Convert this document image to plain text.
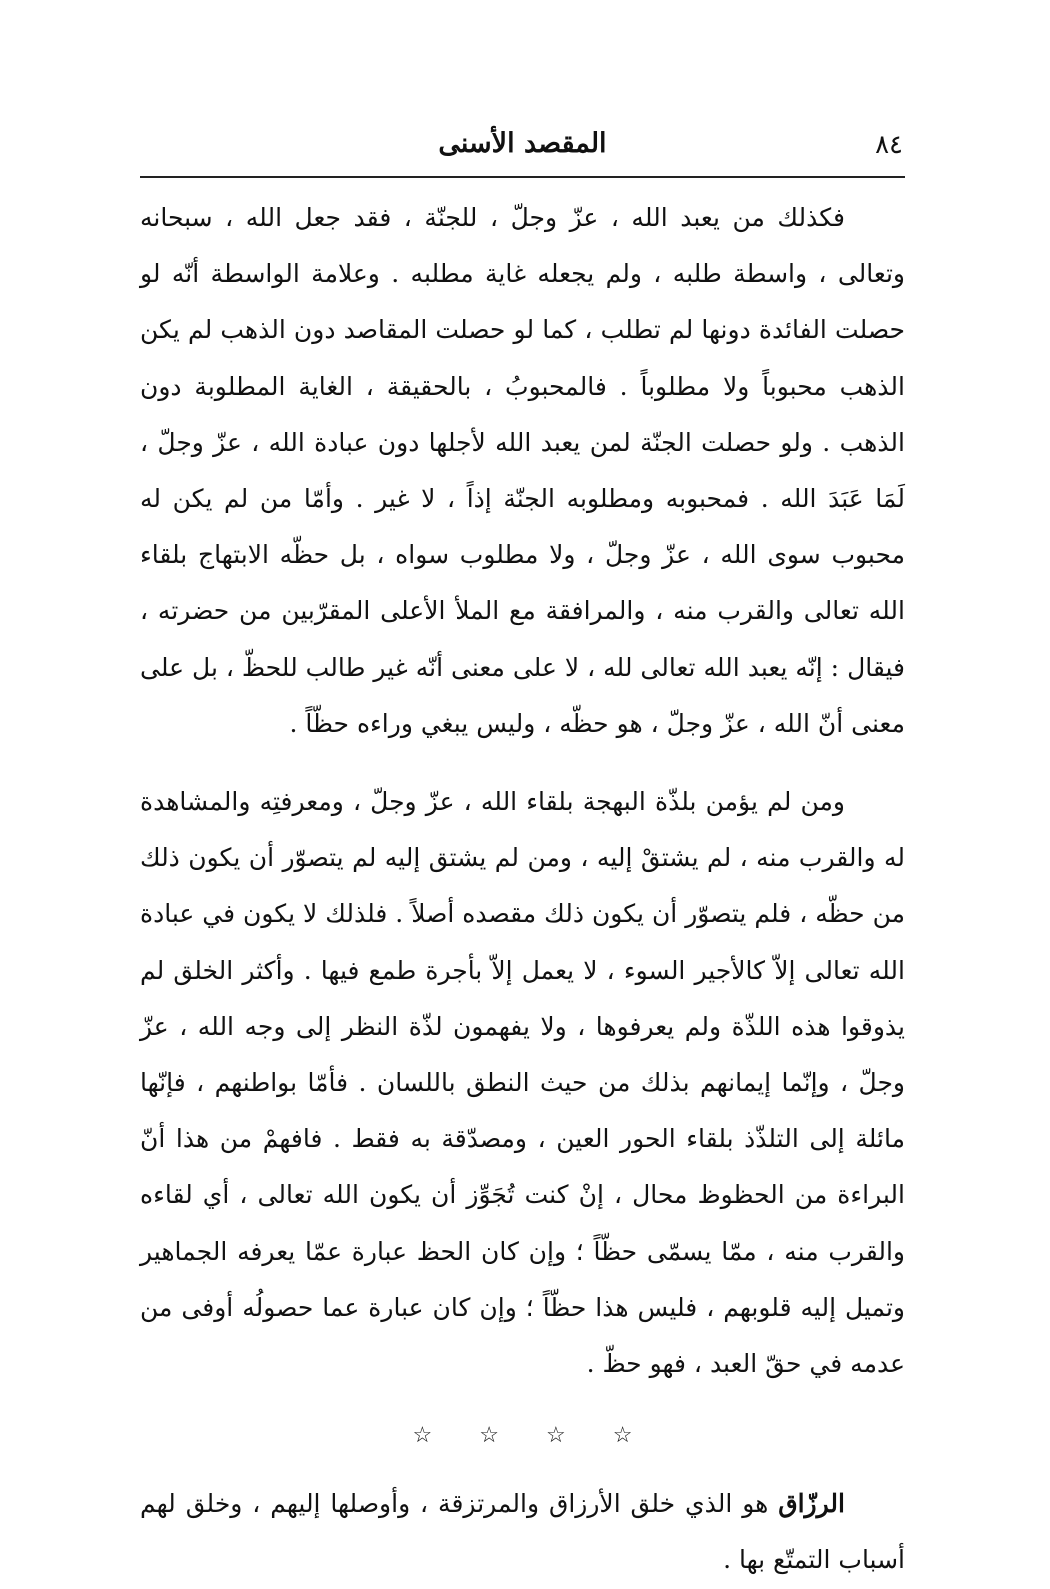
٨٤
المقصد الأسنى

فكذلك من يعبد الله ، عزّ وجلّ ، للجنّة ، فقد جعل الله ، سبحانه وتعالى ، واسطة طلبه ، ولم يجعله غاية مطلبه . وعلامة الواسطة أنّه لو حصلت الفائدة دونها لم تطلب ، كما لو حصلت المقاصد دون الذهب لم يكن الذهب محبوباً ولا مطلوباً . فالمحبوبُ ، بالحقيقة ، الغاية المطلوبة دون الذهب . ولو حصلت الجنّة لمن يعبد الله لأجلها دون عبادة الله ، عزّ وجلّ ، لَمَا عَبَدَ الله . فمحبوبه ومطلوبه الجنّة إذاً ، لا غير . وأمّا من لم يكن له محبوب سوى الله ، عزّ وجلّ ، ولا مطلوب سواه ، بل حظّه الابتهاج بلقاء الله تعالى والقرب منه ، والمرافقة مع الملأ الأعلى المقرّبين من حضرته ، فيقال : إنّه يعبد الله تعالى لله ، لا على معنى أنّه غير طالب للحظّ ، بل على معنى أنّ الله ، عزّ وجلّ ، هو حظّه ، وليس يبغي وراءه حظّاً .

ومن لم يؤمن بلذّة البهجة بلقاء الله ، عزّ وجلّ ، ومعرفتِه والمشاهدة له والقرب منه ، لم يشتقْ إليه ، ومن لم يشتق إليه لم يتصوّر أن يكون ذلك من حظّه ، فلم يتصوّر أن يكون ذلك مقصده أصلاً . فلذلك لا يكون في عبادة الله تعالى إلاّ كالأجير السوء ، لا يعمل إلاّ بأجرة طمع فيها . وأكثر الخلق لم يذوقوا هذه اللذّة ولم يعرفوها ، ولا يفهمون لذّة النظر إلى وجه الله ، عزّ وجلّ ، وإنّما إيمانهم بذلك من حيث النطق باللسان . فأمّا بواطنهم ، فإنّها مائلة إلى التلذّذ بلقاء الحور العين ، ومصدّقة به فقط . فافهمْ من هذا أنّ البراءة من الحظوظ محال ، إنْ كنت تُجَوِّز أن يكون الله تعالى ، أي لقاءه والقرب منه ، ممّا يسمّى حظّاً ؛ وإن كان الحظ عبارة عمّا يعرفه الجماهير وتميل إليه قلوبهم ، فليس هذا حظّاً ؛ وإن كان عبارة عما حصولُه أوفى من عدمه في حقّ العبد ، فهو حظّ .

☆ ☆ ☆ ☆

الرزّاق هو الذي خلق الأرزاق والمرتزقة ، وأوصلها إليهم ، وخلق لهم أسباب التمتّع بها .
